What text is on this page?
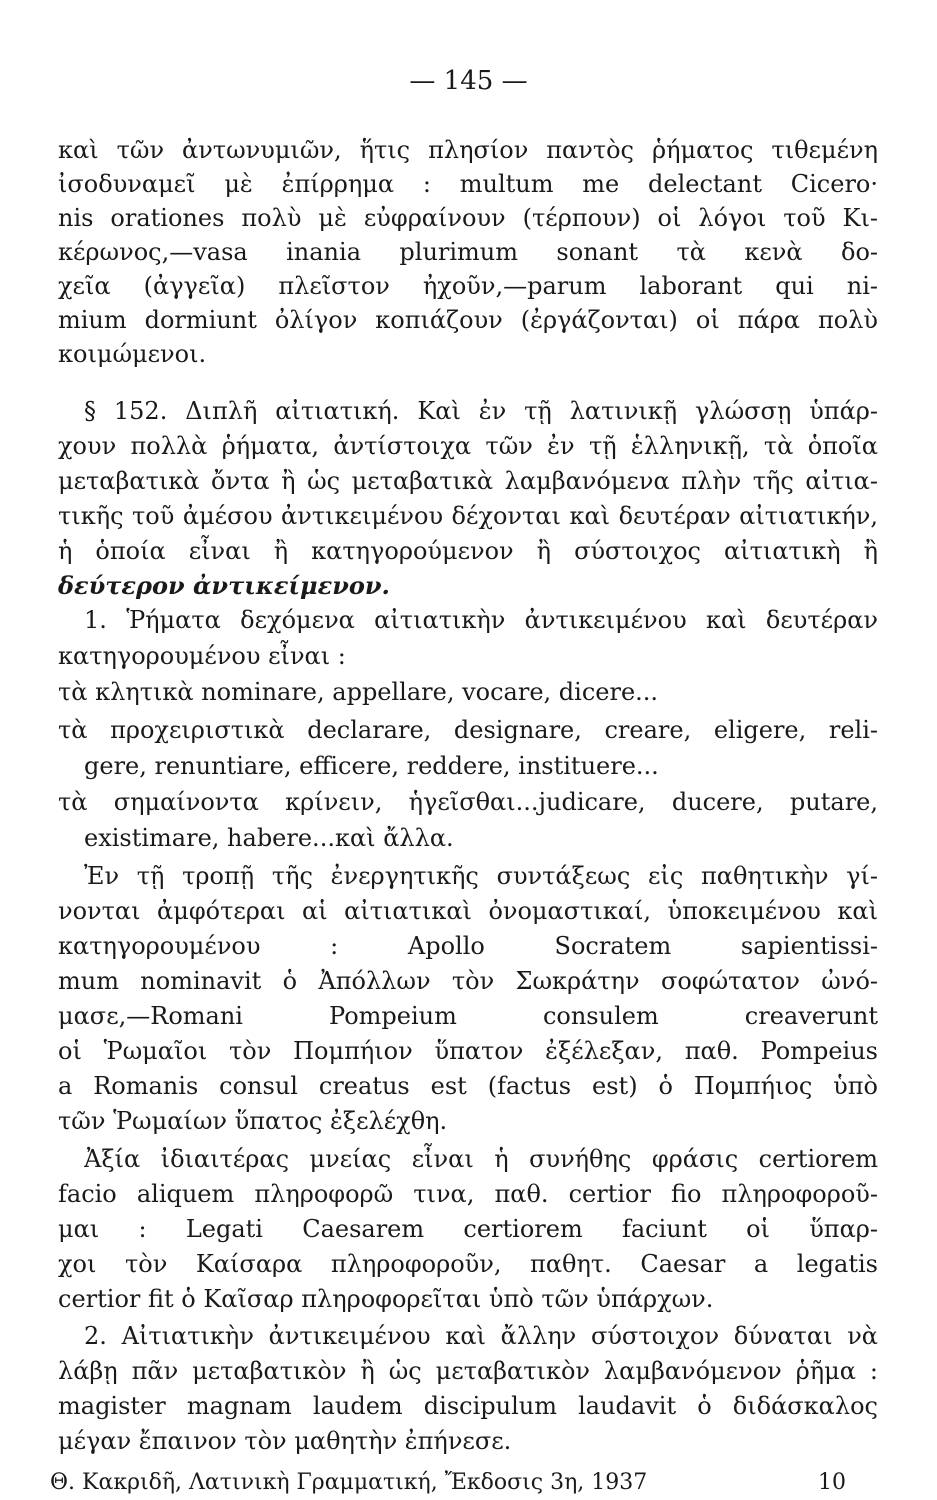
— 145 —
καὶ τῶν ἀντωνυμιῶν, ἥτις πλησίον παντὸς ῥήματος τιθεμένη
ἰσοδυναμεῖ μὲ ἐπίρρημα : multum me delectant Cicero·
nis orationes πολὺ μὲ εὐφραίνουν (τέρπουν) οἱ λόγοι τοῦ Κι-
κέρωνος,—vasa inania plurimum sonant τὰ κενὰ δο-
χεῖα (ἀγγεῖα) πλεῖστον ἠχοῦν,—parum laborant qui ni-
mium dormiunt ὀλίγον κοπιάζουν (ἐργάζονται) οἱ πάρα πολὺ
κοιμώμενοι.
§ 152. Διπλῆ αἰτιατική. Καὶ ἐν τῇ λατινικῇ γλώσσῃ ὑπάρ-
χουν πολλὰ ῥήματα, ἀντίστοιχα τῶν ἐν τῇ ἑλληνικῇ, τὰ ὁποῖα
μεταβατικὰ ὄντα ἢ ὡς μεταβατικὰ λαμβανόμενα πλὴν τῆς αἰτια-
τικῆς τοῦ ἀμέσου ἀντικειμένου δέχονται καὶ δευτέραν αἰτιατικήν,
ἡ ὁποία εἶναι ἢ κατηγορούμενον ἢ σύστοιχος αἰτιατικὴ ἢ
δεύτερον ἀντικείμενον.
1. Ῥήματα δεχόμενα αἰτιατικὴν ἀντικειμένου καὶ δευτέραν
κατηγορουμένου εἶναι :
τὰ κλητικὰ nominare, appellare, vocare, dicere...
τὰ προχειριστικὰ declarare, designare, creare, eligere, reli-
gere, renuntiare, efficere, reddere, instituere...
τὰ σημαίνοντα κρίνειν, ἡγεῖσθαι...judicare, ducere, putare,
existimare, habere...καὶ ἄλλα.
Ἐν τῇ τροπῇ τῆς ἐνεργητικῆς συντάξεως εἰς παθητικὴν γί-
νονται ἀμφότεραι αἱ αἰτιατικαὶ ὀνομαστικαί, ὑποκειμένου καὶ
κατηγορουμένου : Apollo Socratem sapientissi-
mum nominavit ὁ Ἀπόλλων τὸν Σωκράτην σοφώτατον ὠνό-
μασε,—Romani Pompeium consulem creaverunt
οἱ Ῥωμαῖοι τὸν Πομπήιον ὕπατον ἐξέλεξαν, παθ. Pompeius
a Romanis consul creatus est (factus est) ὁ Πομπήιος ὑπὸ
τῶν Ῥωμαίων ὕπατος ἐξελέχθη.
Ἀξία ἰδιαιτέρας μνείας εἶναι ἡ συνήθης φράσις certiorem
facio aliquem πληροφορῶ τινα, παθ. certior fio πληροφοροῦ-
μαι : Legati Caesarem certiorem faciunt οἱ ὕπαρ-
χοι τὸν Καίσαρα πληροφοροῦν, παθητ. Caesar a legatis
certior fit ὁ Καῖσαρ πληροφορεῖται ὑπὸ τῶν ὑπάρχων.
2. Αἰτιατικὴν ἀντικειμένου καὶ ἄλλην σύστοιχον δύναται νὰ
λάβῃ πᾶν μεταβατικὸν ἢ ὡς μεταβατικὸν λαμβανόμενον ῥῆμα :
magister magnam laudem discipulum laudavit ὁ διδάσκαλος
μέγαν ἔπαινον τὸν μαθητὴν ἐπήνεσε.
Θ. Κακριδῆ, Λατινικὴ Γραμματική, Ἔκδοσις 3η, 1937	10
